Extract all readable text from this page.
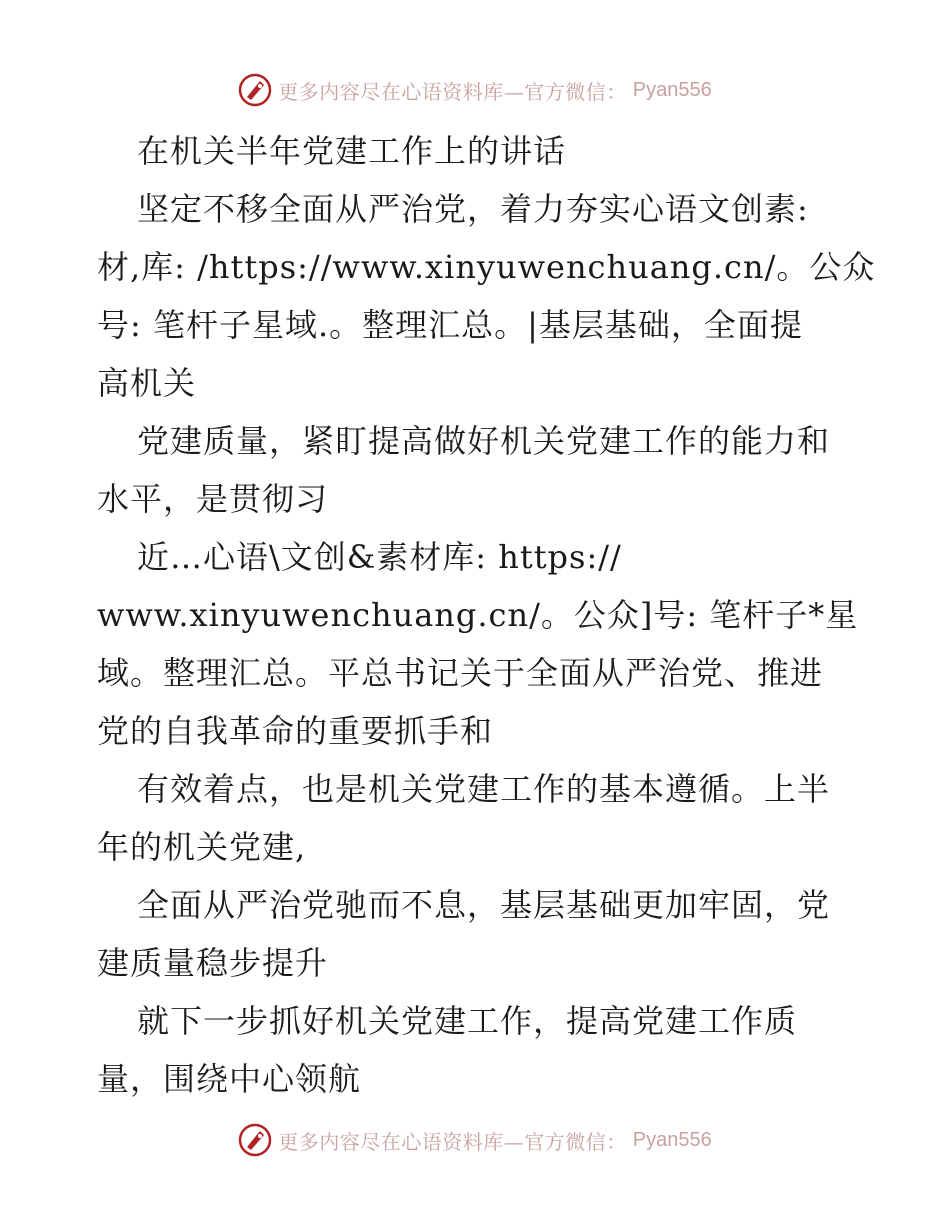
更多内容尽在心语资料库—官方微信： Pyan556
在机关半年党建工作上的讲话
坚定不移全面从严治党，着力夯实心语文创素:
材,库: /https://www.xinyuwenchuang.cn/。公众
号: 笔杆子星域.。整理汇总。|基层基础，全面提
高机关
党建质量，紧盯提高做好机关党建工作的能力和
水平，是贯彻习
近…心语\文创&素材库: https://
www.xinyuwenchuang.cn/。公众]号: 笔杆子*星
域。整理汇总。平总书记关于全面从严治党、推进
党的自我革命的重要抓手和
有效着点，也是机关党建工作的基本遵循。上半
年的机关党建,
全面从严治党驰而不息，基层基础更加牢固，党
建质量稳步提升
就下一步抓好机关党建工作，提高党建工作质
量，围绕中心领航
更多内容尽在心语资料库—官方微信： Pyan556
